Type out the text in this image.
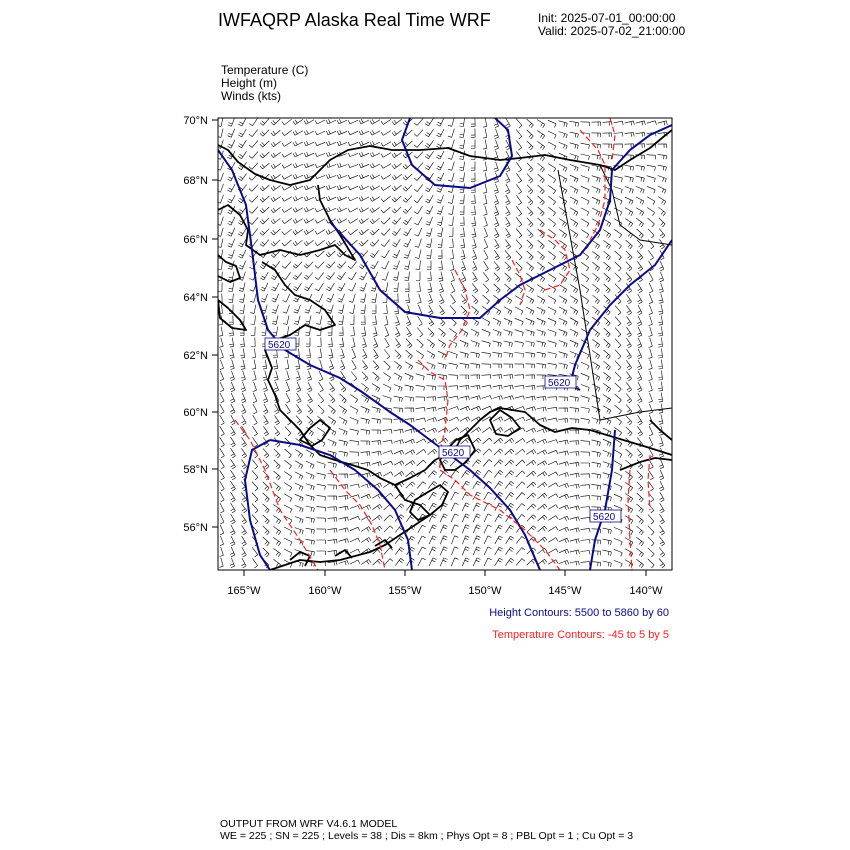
IWFAQRP Alaska Real Time WRF	Init: 2025-07-01_00:00:00
Valid: 2025-07-02_21:00:00
Temperature (C)
Height (m)
Winds (kts)
5620
5620
5620
5620
70°N
68°N
66°N
64°N
62°N
60°N
58°N
56°N
165°W	160°W	155°W	150°W	145°W	140°W
Height Contours: 5500 to 5860 by 60
Temperature Contours: -45 to 5 by 5
OUTPUT FROM WRF V4.6.1 MODEL
WE = 225 ; SN = 225 ; Levels = 38 ; Dis = 8km ; Phys Opt = 8 ; PBL Opt = 1 ; Cu Opt = 3
